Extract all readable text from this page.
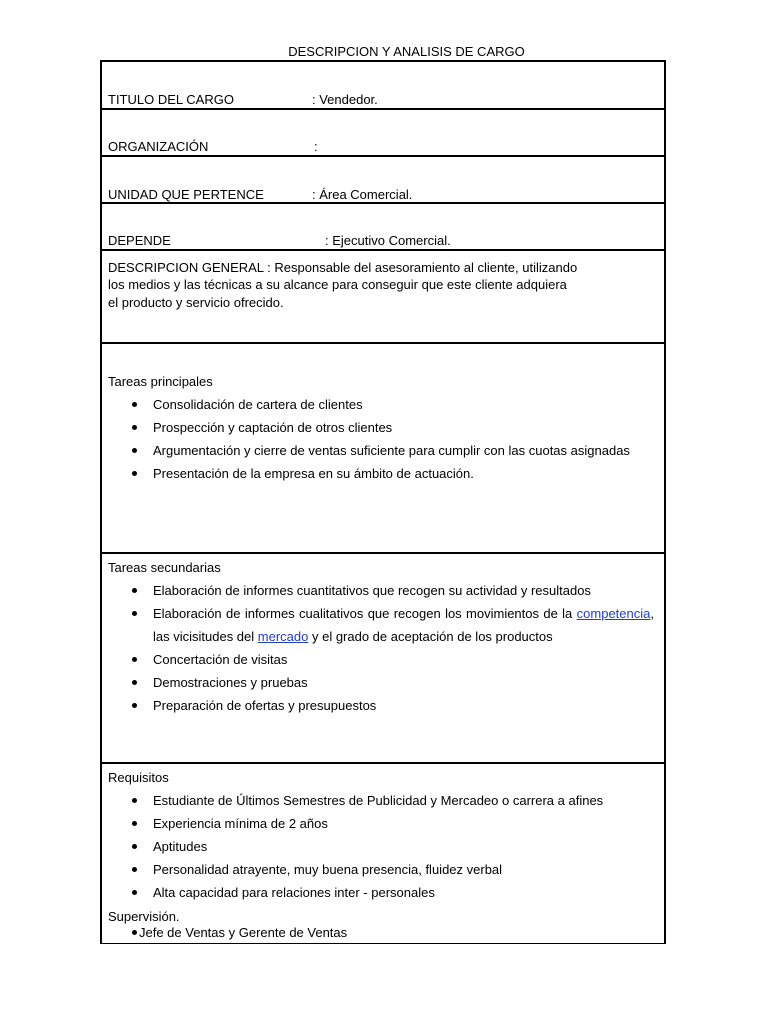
DESCRIPCION Y ANALISIS DE CARGO
TITULO DEL CARGO	: Vendedor.
ORGANIZACIÓN	:
UNIDAD QUE PERTENCE	: Área Comercial.
DEPENDE	: Ejecutivo Comercial.
DESCRIPCION GENERAL : Responsable del asesoramiento al cliente, utilizando
los medios y las técnicas a su alcance para conseguir que este cliente adquiera
el producto y servicio ofrecido.
Tareas principales
Consolidación de cartera de clientes
Prospección y captación de otros clientes
Argumentación y cierre de ventas suficiente para cumplir con las cuotas asignadas
Presentación de la empresa en su ámbito de actuación.
Tareas secundarias
Elaboración de informes cuantitativos que recogen su actividad y resultados
Elaboración de informes cualitativos que recogen los movimientos de la competencia, las vicisitudes del mercado y el grado de aceptación de los productos
Concertación de visitas
Demostraciones y pruebas
Preparación de ofertas y presupuestos
Requisitos
Estudiante de Últimos Semestres de Publicidad y Mercadeo o carrera a afines
Experiencia mínima de 2 años
Aptitudes
Personalidad atrayente, muy buena presencia, fluidez verbal
Alta capacidad para relaciones inter - personales
Supervisión.
Jefe de Ventas y Gerente de Ventas
